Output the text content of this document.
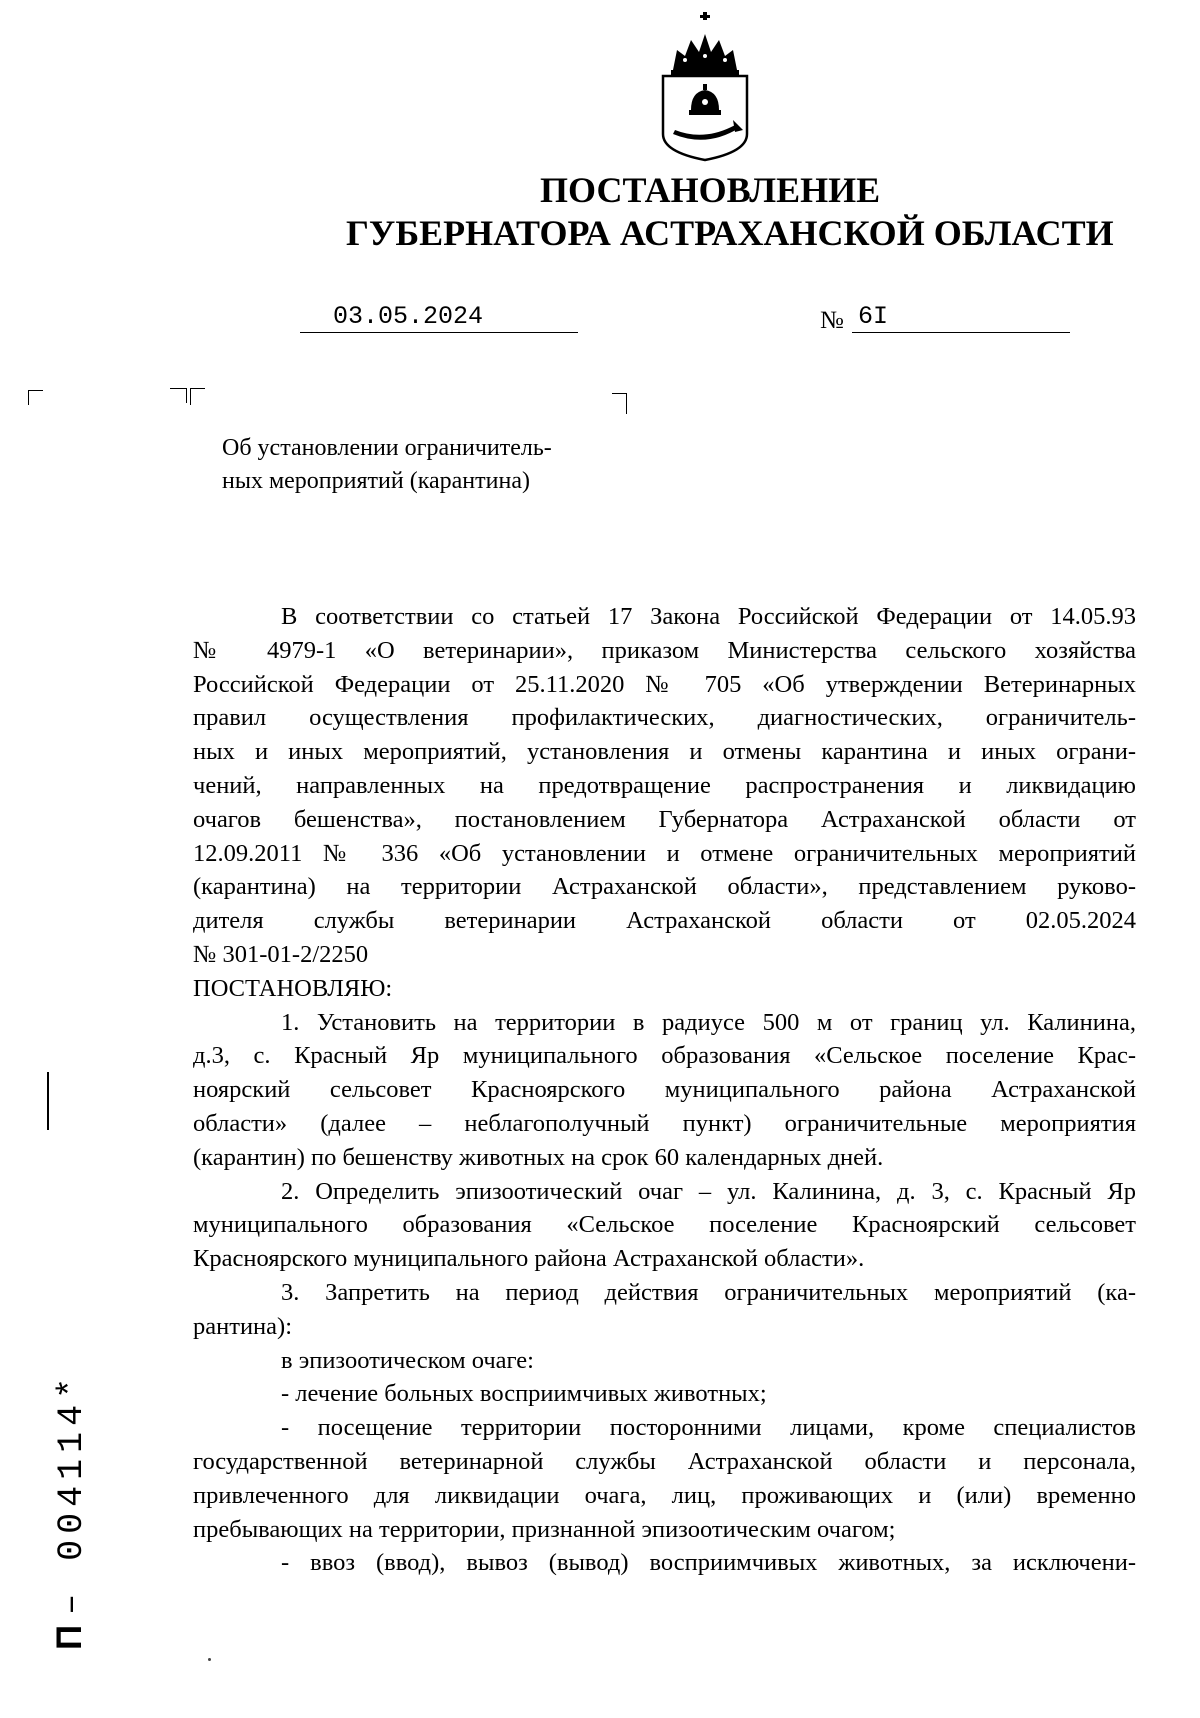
ПОСТАНОВЛЕНИЕ
ГУБЕРНАТОРА АСТРАХАНСКОЙ ОБЛАСТИ
03.05.2024	№ 6I
Об установлении ограничитель-
ных мероприятий (карантина)

В соответствии со статьей 17 Закона Российской Федерации от 14.05.93

№ 4979-1 «О ветеринарии», приказом Министерства сельского хозяйства

Российской Федерации от 25.11.2020 № 705 «Об утверждении Ветеринарных

правил осуществления профилактических, диагностических, ограничитель-

ных и иных мероприятий, установления и отмены карантина и иных ограни-

чений, направленных на предотвращение распространения и ликвидацию

очагов бешенства», постановлением Губернатора Астраханской области от

12.09.2011 № 336 «Об установлении и отмене ограничительных мероприятий

(карантина) на территории Астраханской области», представлением руково-

дителя службы ветеринарии Астраханской области от 02.05.2024

№ 301-01-2/2250

ПОСТАНОВЛЯЮ:

1. Установить на территории в радиусе 500 м от границ ул. Калинина,

д.3, с. Красный Яр муниципального образования «Сельское поселение Крас-

ноярский сельсовет Красноярского муниципального района Астраханской

области» (далее – неблагополучный пункт) ограничительные мероприятия

(карантин) по бешенству животных на срок 60 календарных дней.

2. Определить эпизоотический очаг – ул. Калинина, д. 3, с. Красный Яр

муниципального образования «Сельское поселение Красноярский сельсовет

Красноярского муниципального района Астраханской области».

3. Запретить на период действия ограничительных мероприятий (ка-

рантина):

в эпизоотическом очаге:

- лечение больных восприимчивых животных;

- посещение территории посторонними лицами, кроме специалистов

государственной ветеринарной службы Астраханской области и персонала,

привлеченного для ликвидации очага, лиц, проживающих и (или) временно

пребывающих на территории, признанной эпизоотическим очагом;

- ввоз (ввод), вывоз (вывод) восприимчивых животных, за исключени-

П– 004114*
